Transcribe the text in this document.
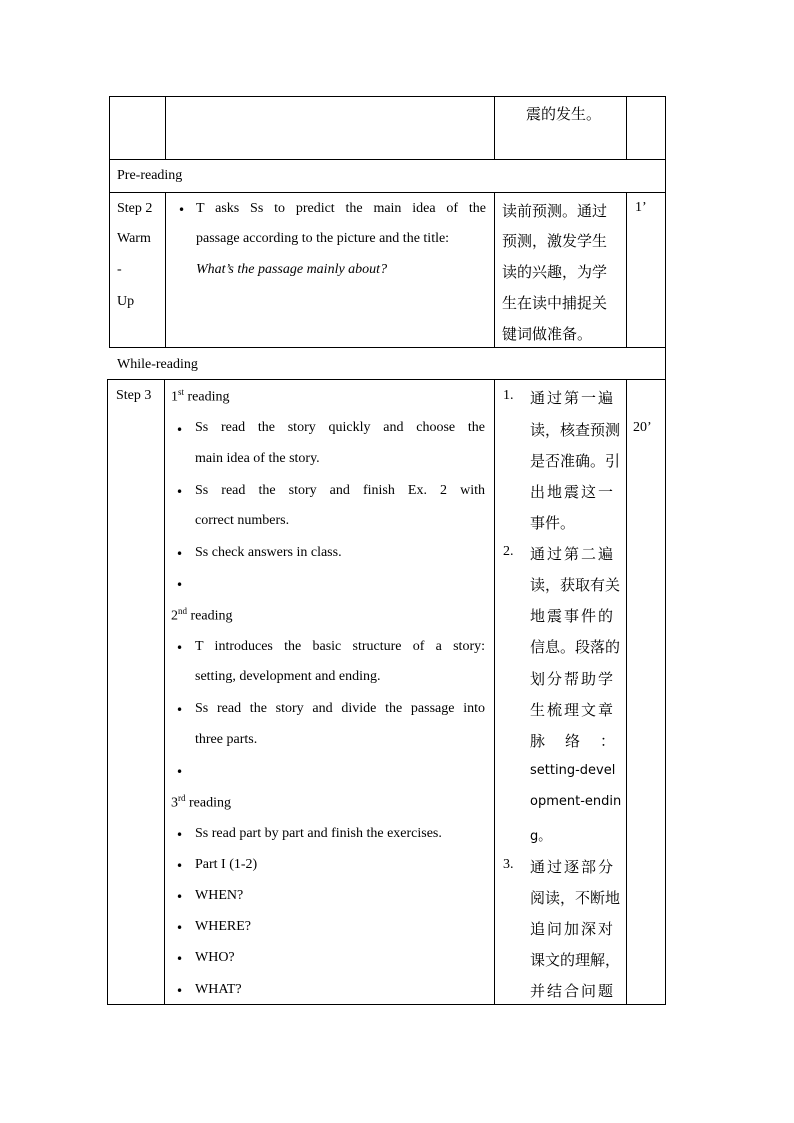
震的发生。
Pre-reading
Step 2
Warm
-
Up
• T asks Ss to predict the main idea of the
passage according to the picture and the title:
What’s the passage mainly about?
读前预测。通过
预测，激发学生
读的兴趣，为学
生在读中捕捉关
键词做准备。
1’
While-reading
Step 3
20’
1st reading
• Ss read the story quickly and choose the
main idea of the story.
• Ss read the story and finish Ex. 2 with
correct numbers.
• Ss check answers in class.
•
2nd reading
• T introduces the basic structure of a story:
setting, development and ending.
• Ss read the story and divide the passage into
three parts.
•
3rd reading
• Ss read part by part and finish the exercises.
• Part I (1-2)
• WHEN?
• WHERE?
• WHO?
• WHAT?
1. 通过第一遍
读，核查预测
是否准确。引
出地震这一
事件。
2. 通过第二遍
读，获取有关
地震事件的
信息。段落的
划分帮助学
生梳理文章
脉络：
setting-devel
opment-endin
g。
3. 通过逐部分
阅读，不断地
追问加深对
课文的理解，
并结合问题
